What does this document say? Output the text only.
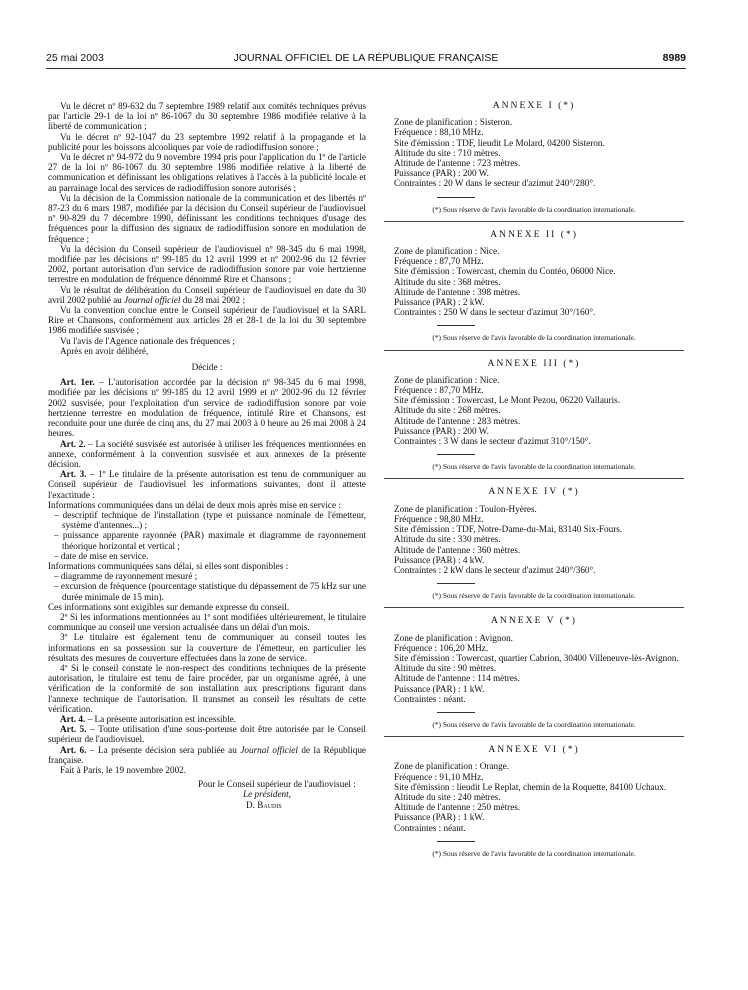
25 mai 2003	JOURNAL OFFICIEL DE LA RÉPUBLIQUE FRANÇAISE	8989

Vu le décret nº 89-632 du 7 septembre 1989 relatif aux comités techniques prévus par l'article 29-1 de la loi nº 86-1067 du 30 septembre 1986 modifiée relative à la liberté de communication ;

Vu le décret nº 92-1047 du 23 septembre 1992 relatif à la propagande et la publicité pour les boissons alcooliques par voie de radiodiffusion sonore ;

Vu le décret nº 94-972 du 9 novembre 1994 pris pour l'application du 1º de l'article 27 de la loi nº 86-1067 du 30 septembre 1986 modifiée relative à la liberté de communication et définissant les obligations relatives à l'accès à la publicité locale et au parrainage local des services de radiodiffusion sonore autorisés ;

Vu la décision de la Commission nationale de la communication et des libertés nº 87-23 du 6 mars 1987, modifiée par la décision du Conseil supérieur de l'audiovisuel nº 90-829 du 7 décembre 1990, définissant les conditions techniques d'usage des fréquences pour la diffusion des signaux de radiodiffusion sonore en modulation de fréquence ;

Vu la décision du Conseil supérieur de l'audiovisuel nº 98-345 du 6 mai 1998, modifiée par les décisions nº 99-185 du 12 avril 1999 et nº 2002-96 du 12 février 2002, portant autorisation d'un service de radiodiffusion sonore par voie hertzienne terrestre en modulation de fréquence dénommé Rire et Chansons ;

Vu le résultat de délibération du Conseil supérieur de l'audiovisuel en date du 30 avril 2002 publié au Journal officiel du 28 mai 2002 ;

Vu la convention conclue entre le Conseil supérieur de l'audiovisuel et la SARL Rire et Chansons, conformément aux articles 28 et 28-1 de la loi du 30 septembre 1986 modifiée susvisée ;

Vu l'avis de l'Agence nationale des fréquences ;

Après en avoir délibéré,

Décide :

Art. 1er. – L'autorisation accordée par la décision nº 98-345 du 6 mai 1998, modifiée par les décisions nº 99-185 du 12 avril 1999 et nº 2002-96 du 12 février 2002 susvisée, pour l'exploitation d'un service de radiodiffusion sonore par voie hertzienne terrestre en modulation de fréquence, intitulé Rire et Chansons, est reconduite pour une durée de cinq ans, du 27 mai 2003 à 0 heure au 26 mai 2008 à 24 heures.

Art. 2. – La société susvisée est autorisée à utiliser les fréquences mentionnées en annexe, conformément à la convention susvisée et aux annexes de la présente décision.

Art. 3. – 1º Le titulaire de la présente autorisation est tenu de communiquer au Conseil supérieur de l'audiovisuel les informations suivantes, dont il atteste l'exactitude :

Informations communiquées dans un délai de deux mois après mise en service :

– descriptif technique de l'installation (type et puissance nominale de l'émetteur, système d'antennes...) ;

– puissance apparente rayonnée (PAR) maximale et diagramme de rayonnement théorique horizontal et vertical ;

– date de mise en service.

Informations communiquées sans délai, si elles sont disponibles :

– diagramme de rayonnement mesuré ;

– excursion de fréquence (pourcentage statistique du dépassement de 75 kHz sur une durée minimale de 15 min).

Ces informations sont exigibles sur demande expresse du conseil.

2º Si les informations mentionnées au 1º sont modifiées ultérieurement, le titulaire communique au conseil une version actualisée dans un délai d'un mois.

3º Le titulaire est également tenu de communiquer au conseil toutes les informations en sa possession sur la couverture de l'émetteur, en particulier les résultats des mesures de couverture effectuées dans la zone de service.

4º Si le conseil constate le non-respect des conditions techniques de la présente autorisation, le titulaire est tenu de faire procéder, par un organisme agréé, à une vérification de la conformité de son installation aux prescriptions figurant dans l'annexe technique de l'autorisation. Il transmet au conseil les résultats de cette vérification.

Art. 4. – La présente autorisation est incessible.

Art. 5. – Toute utilisation d'une sous-porteuse doit être autorisée par le Conseil supérieur de l'audiovisuel.

Art. 6. – La présente décision sera publiée au Journal officiel de la République française.

Fait à Paris, le 19 novembre 2002.

Pour le Conseil supérieur de l'audiovisuel :

Le président,

D. Baudis

ANNEXE I (*)

Zone de planification : Sisteron.

Fréquence : 88,10 MHz.

Site d'émission : TDF, lieudit Le Molard, 04200 Sisteron.

Altitude du site : 710 mètres.

Altitude de l'antenne : 723 mètres.

Puissance (PAR) : 200 W.

Contraintes : 20 W dans le secteur d'azimut 240°/280°.

(*) Sous réserve de l'avis favorable de la coordination internationale.

ANNEXE II (*)

Zone de planification : Nice.

Fréquence : 87,70 MHz.

Site d'émission : Towercast, chemin du Contéo, 06000 Nice.

Altitude du site : 368 mètres.

Altitude de l'antenne : 398 mètres.

Puissance (PAR) : 2 kW.

Contraintes : 250 W dans le secteur d'azimut 30°/160°.

(*) Sous réserve de l'avis favorable de la coordination internationale.

ANNEXE III (*)

Zone de planification : Nice.

Fréquence : 87,70 MHz.

Site d'émission : Towercast, Le Mont Pezou, 06220 Vallauris.

Altitude du site : 268 mètres.

Altitude de l'antenne : 283 mètres.

Puissance (PAR) : 200 W.

Contraintes : 3 W dans le secteur d'azimut 310°/150°.

(*) Sous réserve de l'avis favorable de la coordination internationale.

ANNEXE IV (*)

Zone de planification : Toulon-Hyères.

Fréquence : 98,80 MHz.

Site d'émission : TDF, Notre-Dame-du-Mai, 83140 Six-Fours.

Altitude du site : 330 mètres.

Altitude de l'antenne : 360 mètres.

Puissance (PAR) : 4 kW.

Contraintes : 2 kW dans le secteur d'azimut 240°/360°.

(*) Sous réserve de l'avis favorable de la coordination internationale.

ANNEXE V (*)

Zone de planification : Avignon.

Fréquence : 106,20 MHz.

Site d'émission : Towercast, quartier Cabrion, 30400 Villeneuve-lès-Avignon.

Altitude du site : 90 mètres.

Altitude de l'antenne : 114 mètres.

Puissance (PAR) : 1 kW.

Contraintes : néant.

(*) Sous réserve de l'avis favorable de la coordination internationale.

ANNEXE VI (*)

Zone de planification : Orange.

Fréquence : 91,10 MHz.

Site d'émission : lieudit Le Replat, chemin de la Roquette, 84100 Uchaux.

Altitude du site : 240 mètres.

Altitude de l'antenne : 250 mètres.

Puissance (PAR) : 1 kW.

Contraintes : néant.

(*) Sous réserve de l'avis favorable de la coordination internationale.
